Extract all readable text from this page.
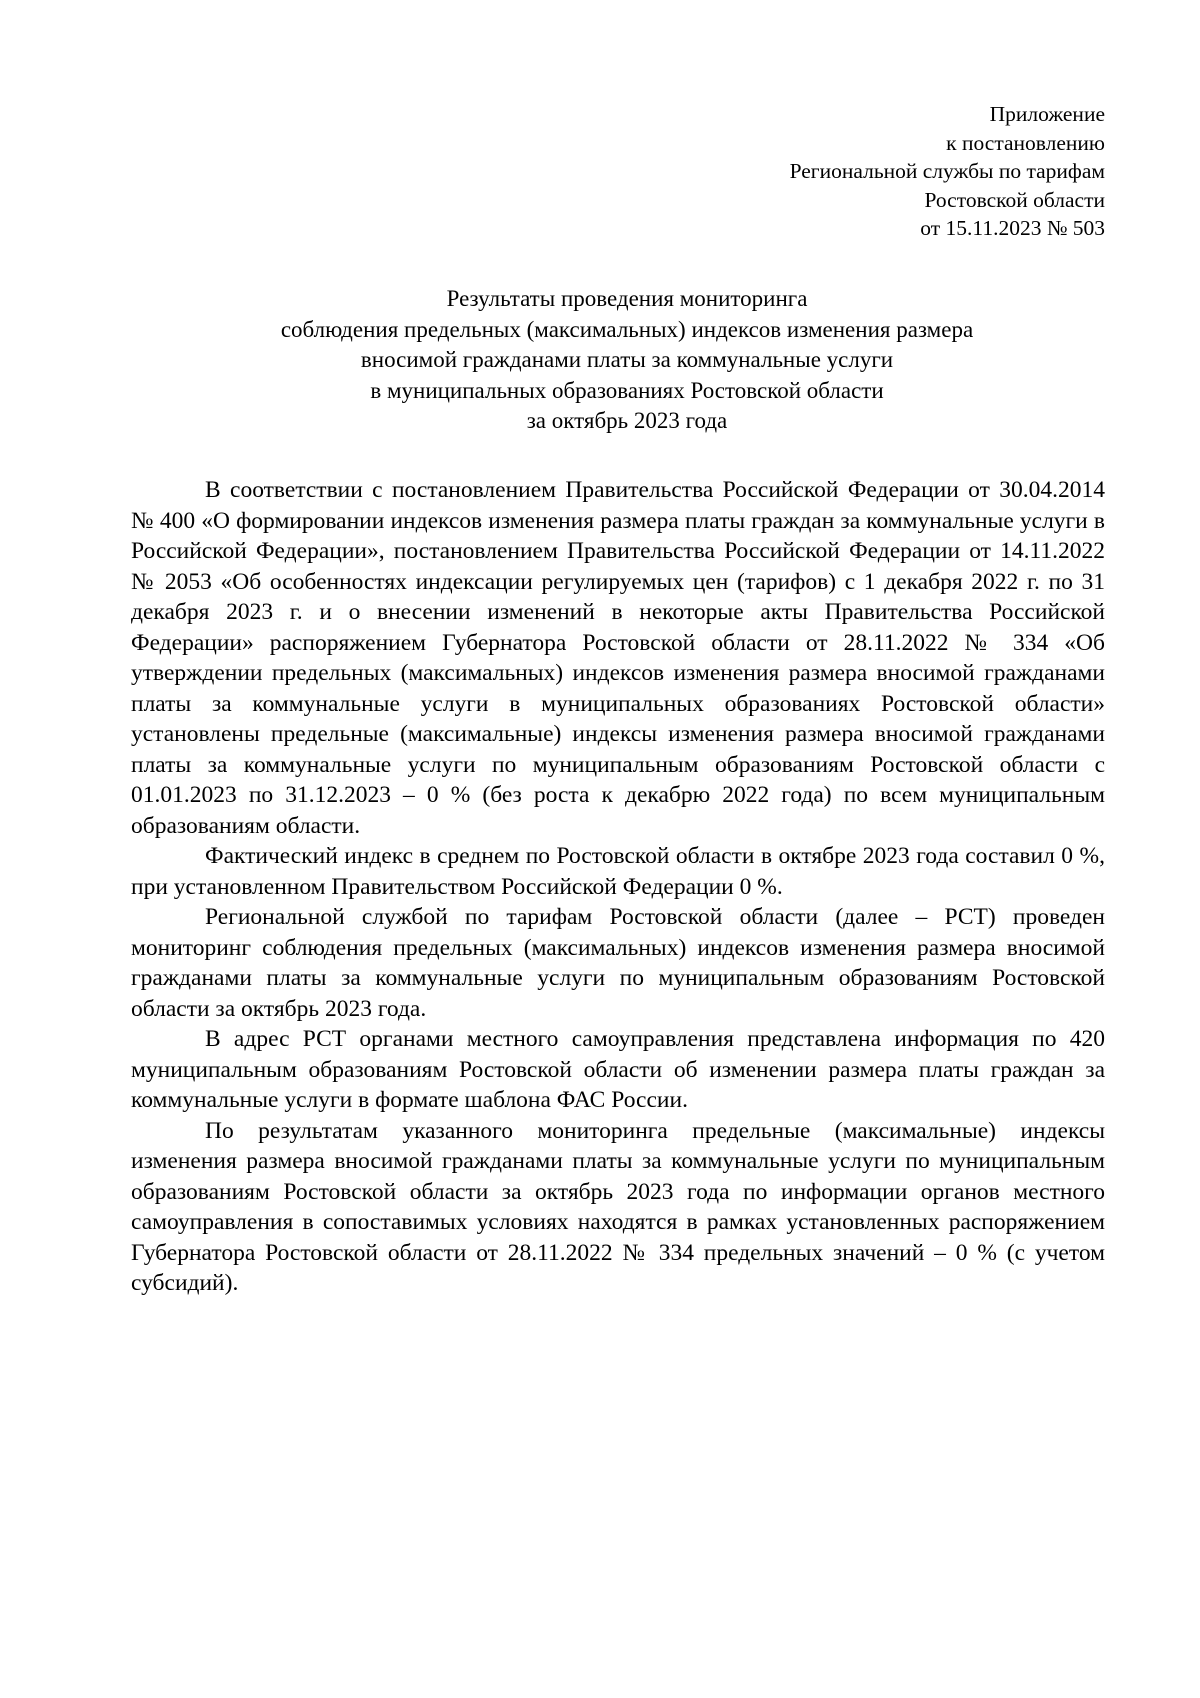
Приложение
к постановлению
Региональной службы по тарифам
Ростовской области
от 15.11.2023 № 503
Результаты проведения мониторинга
соблюдения предельных (максимальных) индексов изменения размера
вносимой гражданами платы за коммунальные услуги
в муниципальных образованиях Ростовской области
за октябрь 2023 года

В соответствии с постановлением Правительства Российской Федерации от 30.04.2014 № 400 «О формировании индексов изменения размера платы граждан за коммунальные услуги в Российской Федерации», постановлением Правительства Российской Федерации от 14.11.2022 № 2053 «Об особенностях индексации регулируемых цен (тарифов) с 1 декабря 2022 г. по 31 декабря 2023 г. и о внесении изменений в некоторые акты Правительства Российской Федерации» распоряжением Губернатора Ростовской области от 28.11.2022 № 334 «Об утверждении предельных (максимальных) индексов изменения размера вносимой гражданами платы за коммунальные услуги в муниципальных образованиях Ростовской области» установлены предельные (максимальные) индексы изменения размера вносимой гражданами платы за коммунальные услуги по муниципальным образованиям Ростовской области с 01.01.2023 по 31.12.2023 – 0 % (без роста к декабрю 2022 года) по всем муниципальным образованиям области.

Фактический индекс в среднем по Ростовской области в октябре 2023 года составил 0 %, при установленном Правительством Российской Федерации 0 %.

Региональной службой по тарифам Ростовской области (далее – РСТ) проведен мониторинг соблюдения предельных (максимальных) индексов изменения размера вносимой гражданами платы за коммунальные услуги по муниципальным образованиям Ростовской области за октябрь 2023 года.

В адрес РСТ органами местного самоуправления представлена информация по 420 муниципальным образованиям Ростовской области об изменении размера платы граждан за коммунальные услуги в формате шаблона ФАС России.

По результатам указанного мониторинга предельные (максимальные) индексы изменения размера вносимой гражданами платы за коммунальные услуги по муниципальным образованиям Ростовской области за октябрь 2023 года по информации органов местного самоуправления в сопоставимых условиях находятся в рамках установленных распоряжением Губернатора Ростовской области от 28.11.2022 № 334 предельных значений – 0 % (с учетом субсидий).
